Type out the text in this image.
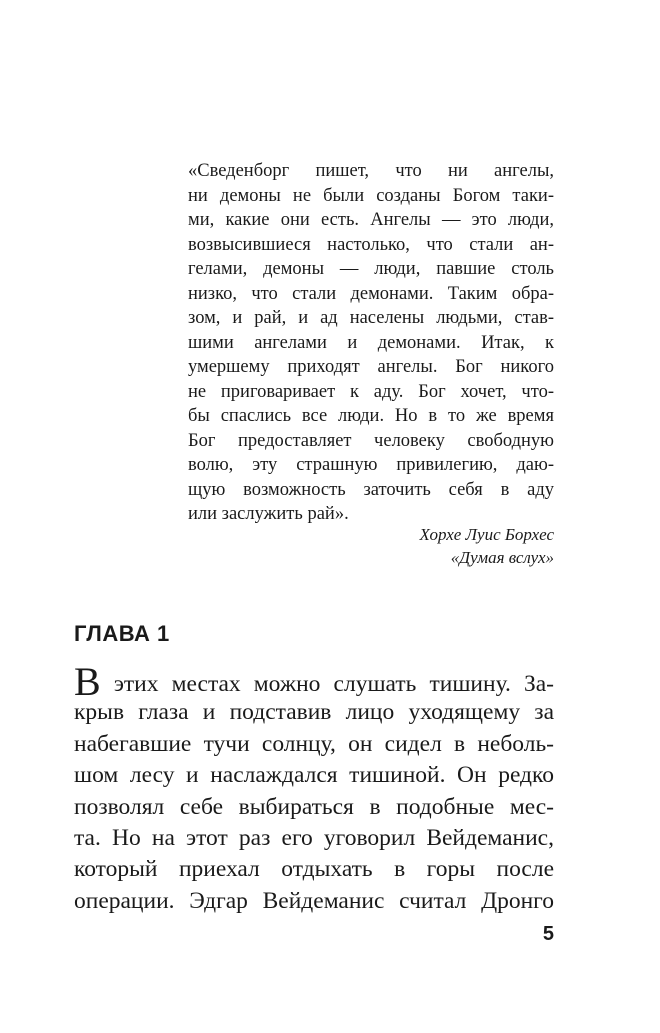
«Сведенборг пишет, что ни ангелы,
ни демоны не были созданы Богом таки-
ми, какие они есть. Ангелы — это люди,
возвысившиеся настолько, что стали ан-
гелами, демоны — люди, павшие столь
низко, что стали демонами. Таким обра-
зом, и рай, и ад населены людьми, став-
шими ангелами и демонами. Итак, к
умершему приходят ангелы. Бог никого
не приговаривает к аду. Бог хочет, что-
бы спаслись все люди. Но в то же время
Бог предоставляет человеку свободную
волю, эту страшную привилегию, даю-
щую возможность заточить себя в аду
или заслужить рай».
Хорхе Луис Борхес
«Думая вслух»
ГЛАВА 1
В этих местах можно слушать тишину. За-
крыв глаза и подставив лицо уходящему за
набегавшие тучи солнцу, он сидел в неболь-
шом лесу и наслаждался тишиной. Он редко
позволял себе выбираться в подобные мес-
та. Но на этот раз его уговорил Вейдеманис,
который приехал отдыхать в горы после
операции. Эдгар Вейдеманис считал Дронго
5
